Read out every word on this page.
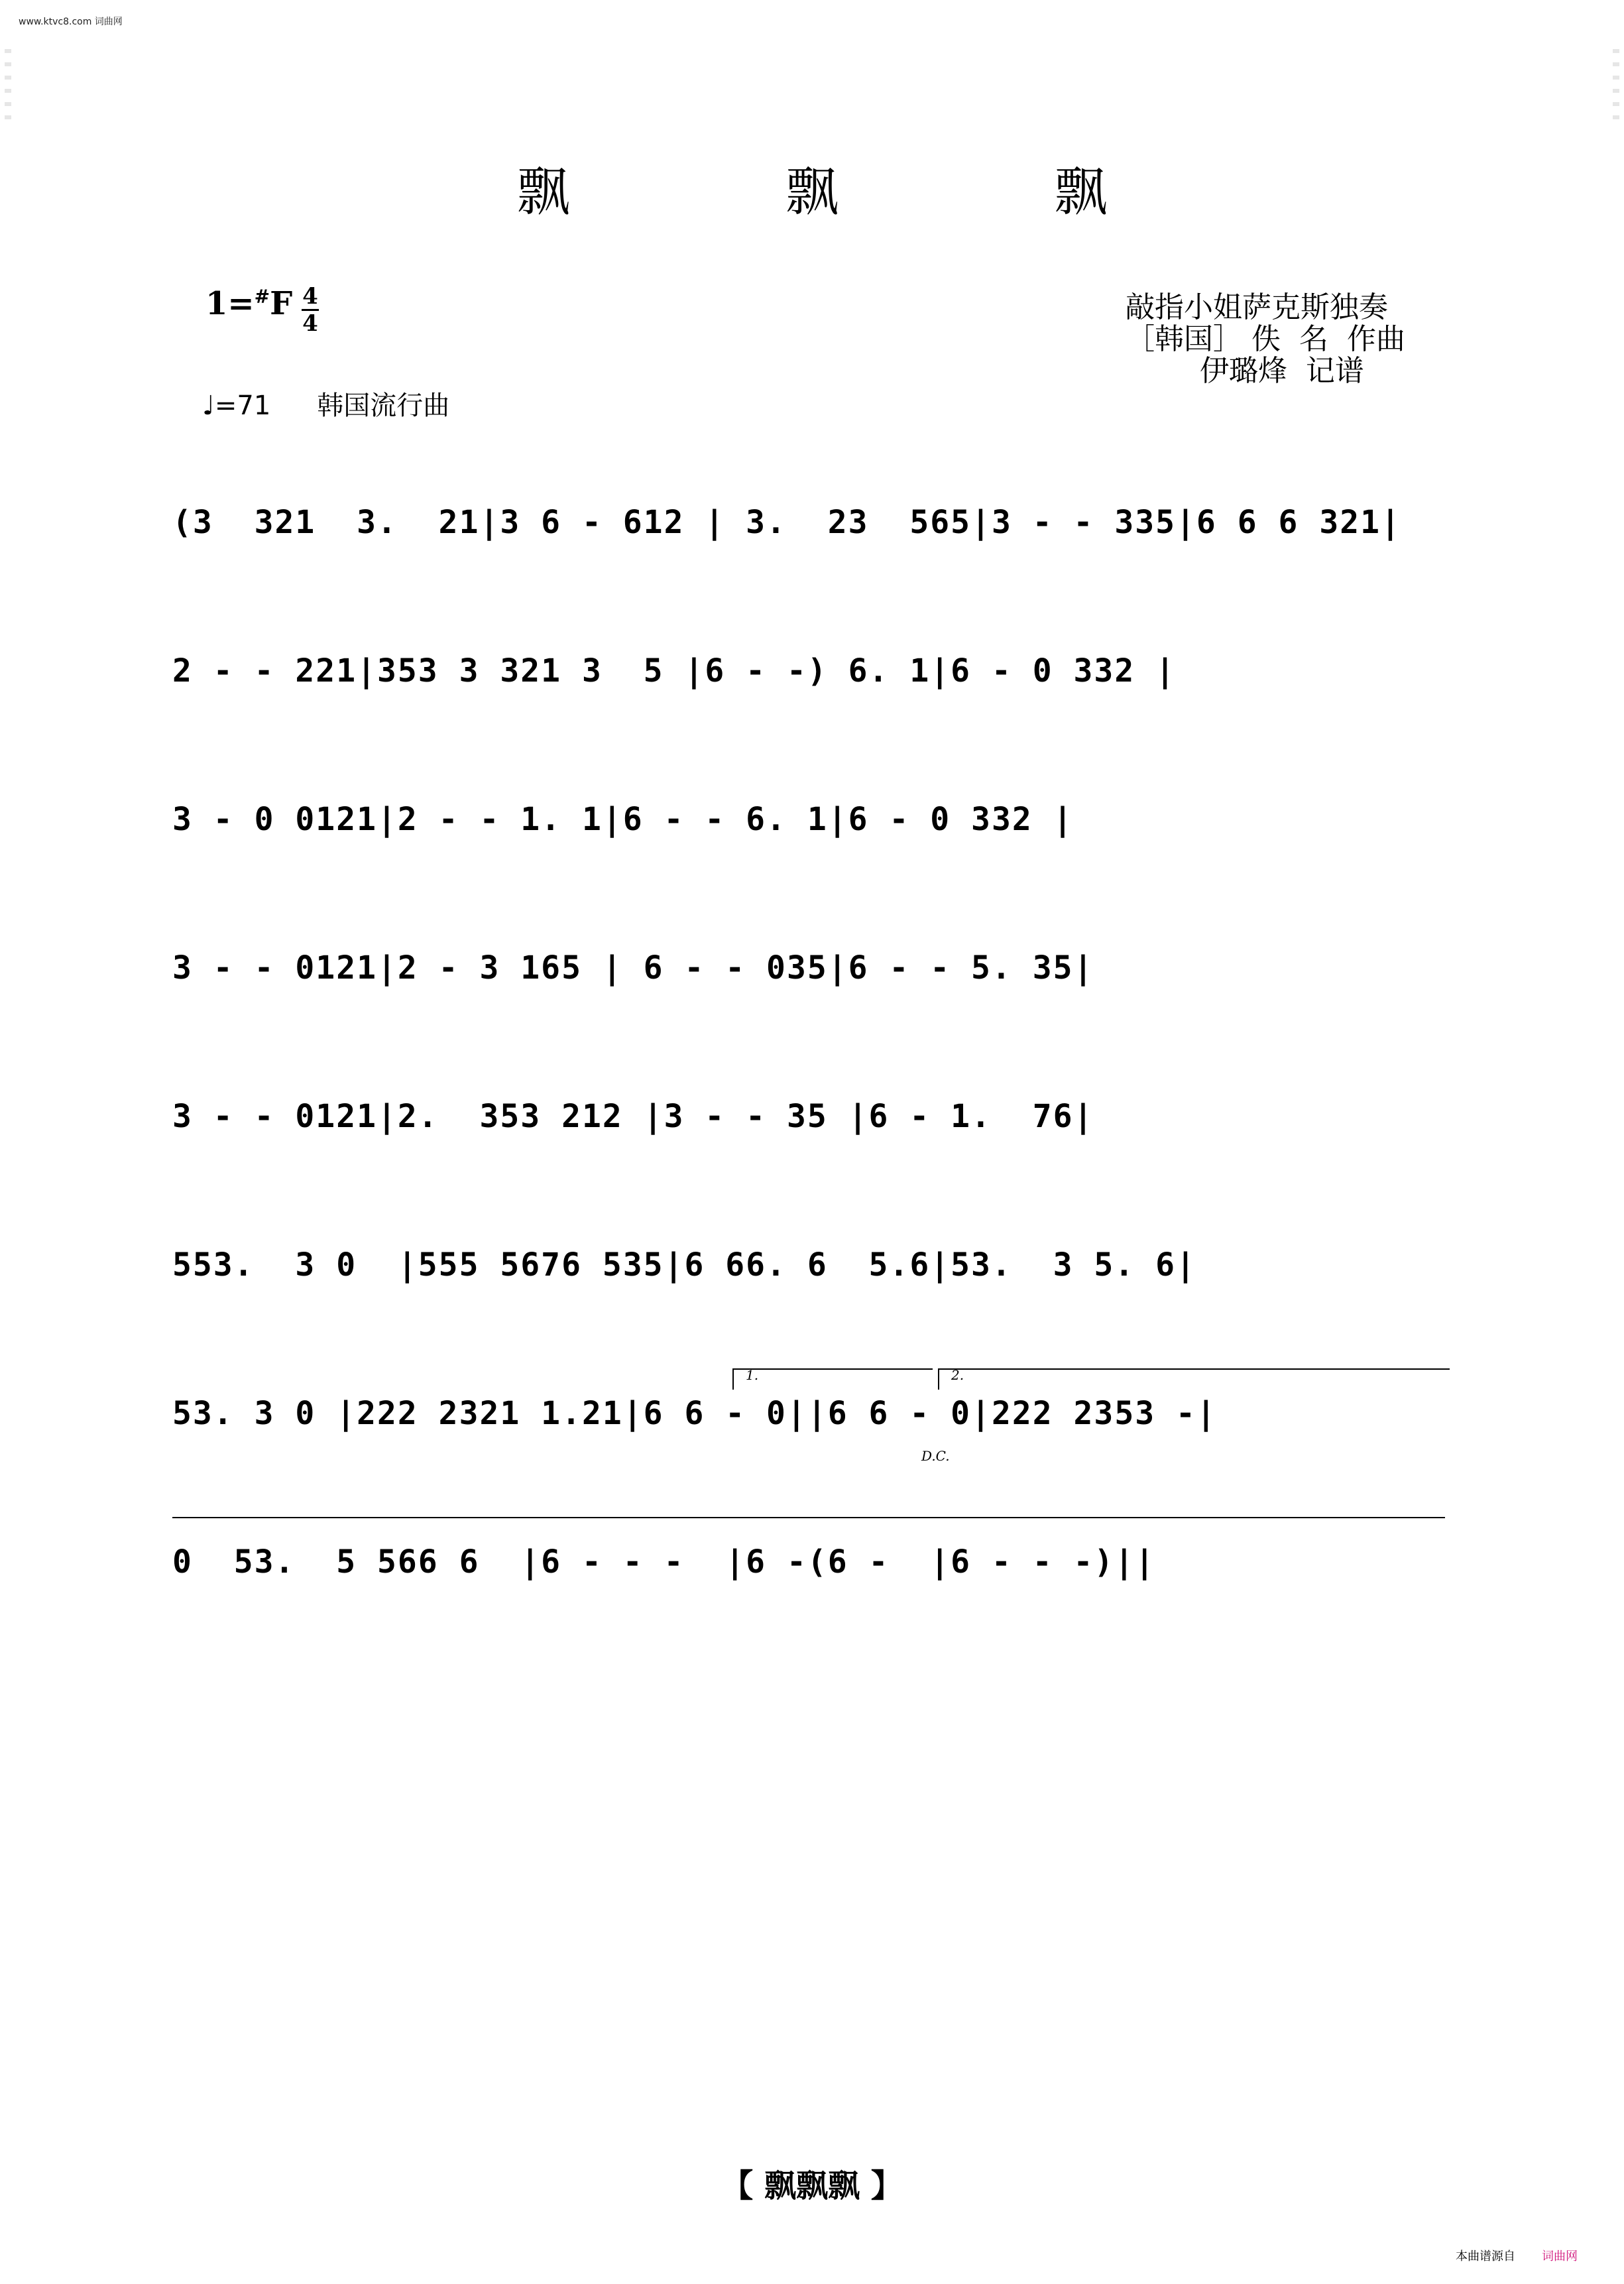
www.ktvc8.com 词曲网
飘 飘 飘
1=#F 4
4
♩=71 韩国流行曲
敲指小姐萨克斯独奏
［韩国］ 佚  名  作曲
伊璐烽  记谱
(3  321  3.  21|3 6 - 612 | 3.  23  565|3 - - 335|6 6 6 321|
2 - - 221|353 3 321 3  5 |6 - -) 6. 1|6 - 0 332 |
3 - 0 0121|2 - - 1. 1|6 - - 6. 1|6 - 0 332 |
3 - - 0121|2 - 3 165 | 6 - - 035|6 - - 5. 35|
3 - - 0121|2.  353 212 |3 - - 35 |6 - 1.  76|
553.  3 0  |555 5676 535|6 66. 6  5.6|53.  3 5. 6|
53. 3 0 |222 2321 1.21|6 6 - 0||6 6 - 0|222 2353 -|
1.	2.
D.C.
0  53.  5 566 6  |6 - - -  |6 -(6 -  |6 - - -)||
【 飘飘飘 】
本曲谱源自 词曲网
